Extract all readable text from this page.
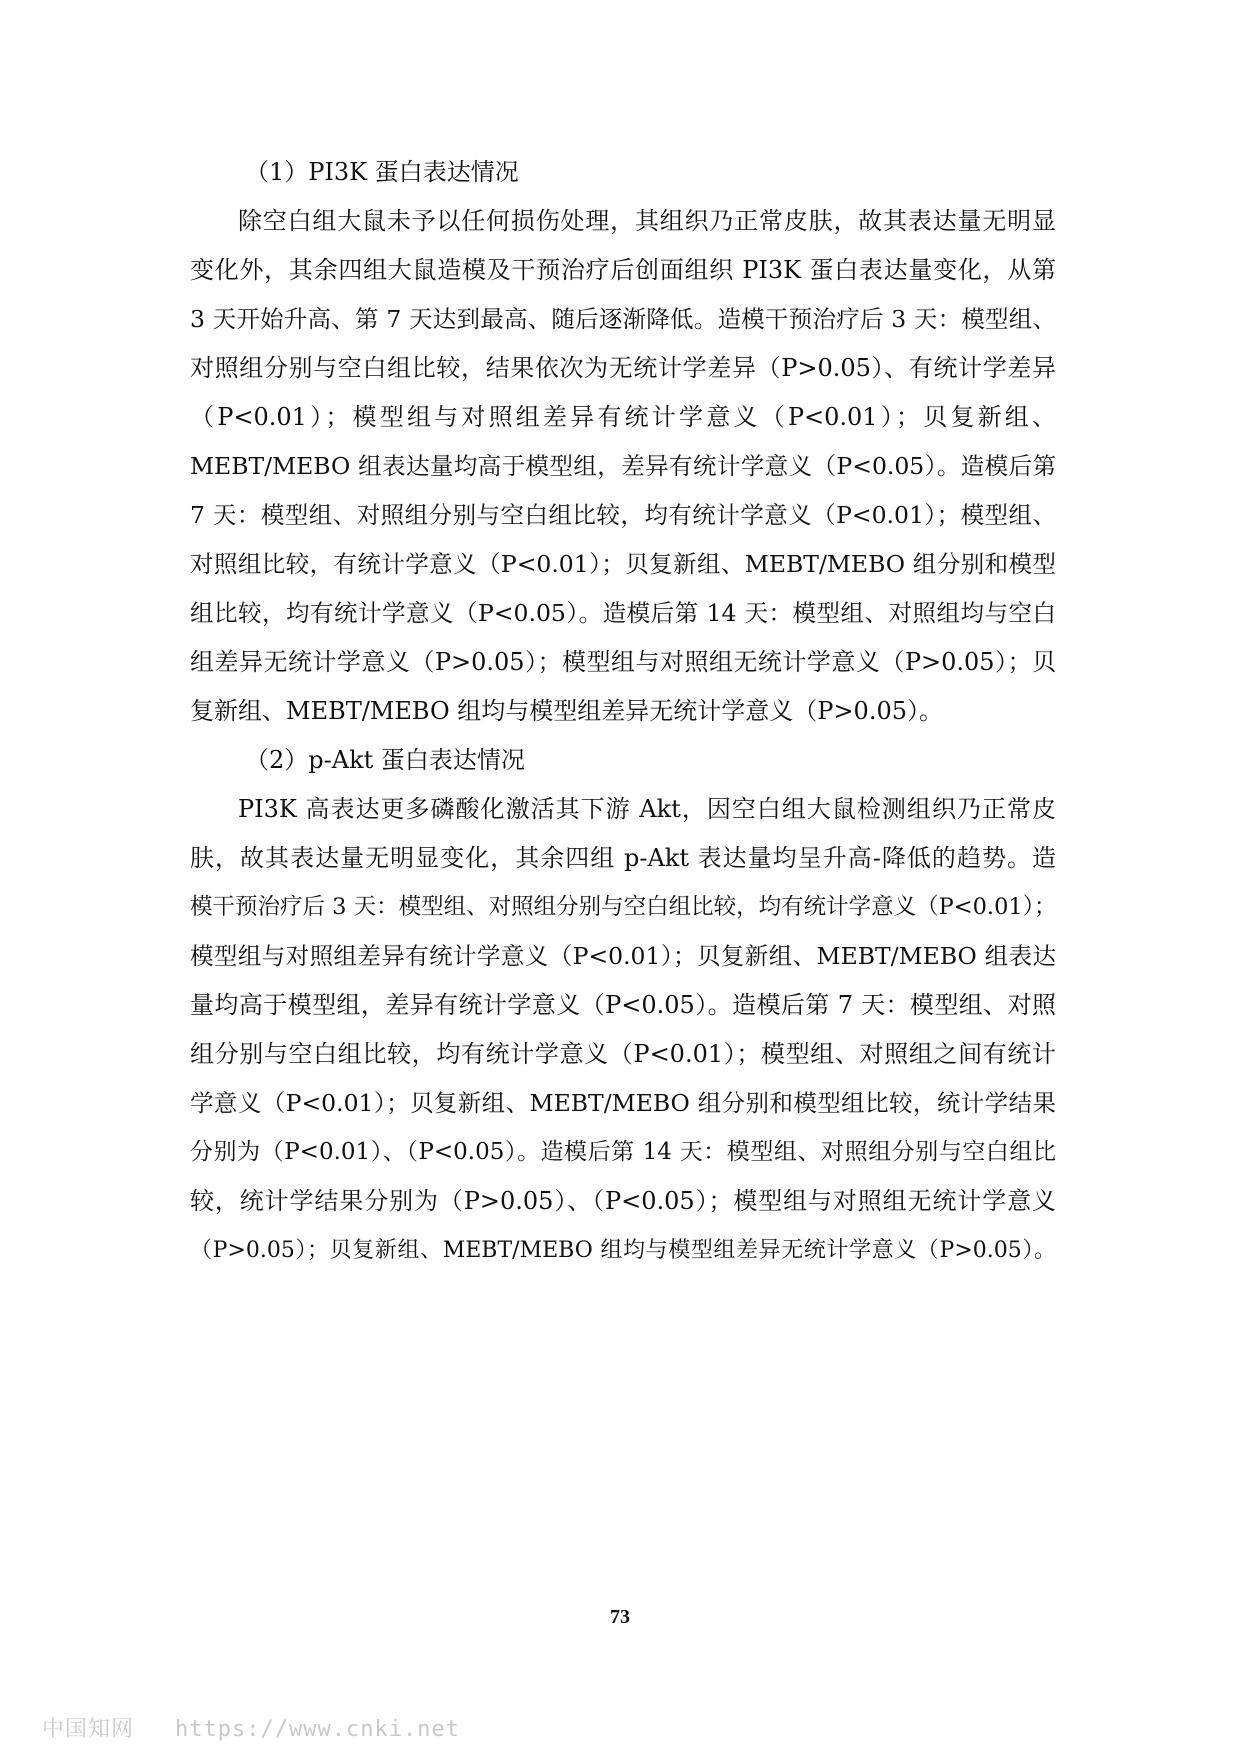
（1）PI3K 蛋白表达情况
除空白组大鼠未予以任何损伤处理，其组织乃正常皮肤，故其表达量无明显
变化外，其余四组大鼠造模及干预治疗后创面组织 PI3K 蛋白表达量变化，从第
3 天开始升高、第 7 天达到最高、随后逐渐降低。造模干预治疗后 3 天：模型组、
对照组分别与空白组比较，结果依次为无统计学差异（P>0.05）、有统计学差异
（P<0.01）；模型组与对照组差异有统计学意义（P<0.01）；贝复新组、
MEBT/MEBO 组表达量均高于模型组，差异有统计学意义（P<0.05）。造模后第
7 天：模型组、对照组分别与空白组比较，均有统计学意义（P<0.01）；模型组、
对照组比较，有统计学意义（P<0.01）；贝复新组、MEBT/MEBO 组分别和模型
组比较，均有统计学意义（P<0.05）。造模后第 14 天：模型组、对照组均与空白
组差异无统计学意义（P>0.05）；模型组与对照组无统计学意义（P>0.05）；贝
复新组、MEBT/MEBO 组均与模型组差异无统计学意义（P>0.05）。
（2）p-Akt 蛋白表达情况
PI3K 高表达更多磷酸化激活其下游 Akt，因空白组大鼠检测组织乃正常皮
肤，故其表达量无明显变化，其余四组 p-Akt 表达量均呈升高-降低的趋势。造
模干预治疗后 3 天：模型组、对照组分别与空白组比较，均有统计学意义（P<0.01）；
模型组与对照组差异有统计学意义（P<0.01）；贝复新组、MEBT/MEBO 组表达
量均高于模型组，差异有统计学意义（P<0.05）。造模后第 7 天：模型组、对照
组分别与空白组比较，均有统计学意义（P<0.01）；模型组、对照组之间有统计
学意义（P<0.01）；贝复新组、MEBT/MEBO 组分别和模型组比较，统计学结果
分别为（P<0.01）、（P<0.05）。造模后第 14 天：模型组、对照组分别与空白组比
较，统计学结果分别为（P>0.05）、（P<0.05）；模型组与对照组无统计学意义
（P>0.05）；贝复新组、MEBT/MEBO 组均与模型组差异无统计学意义（P>0.05）。
73
中国知网 https://www.cnki.net
